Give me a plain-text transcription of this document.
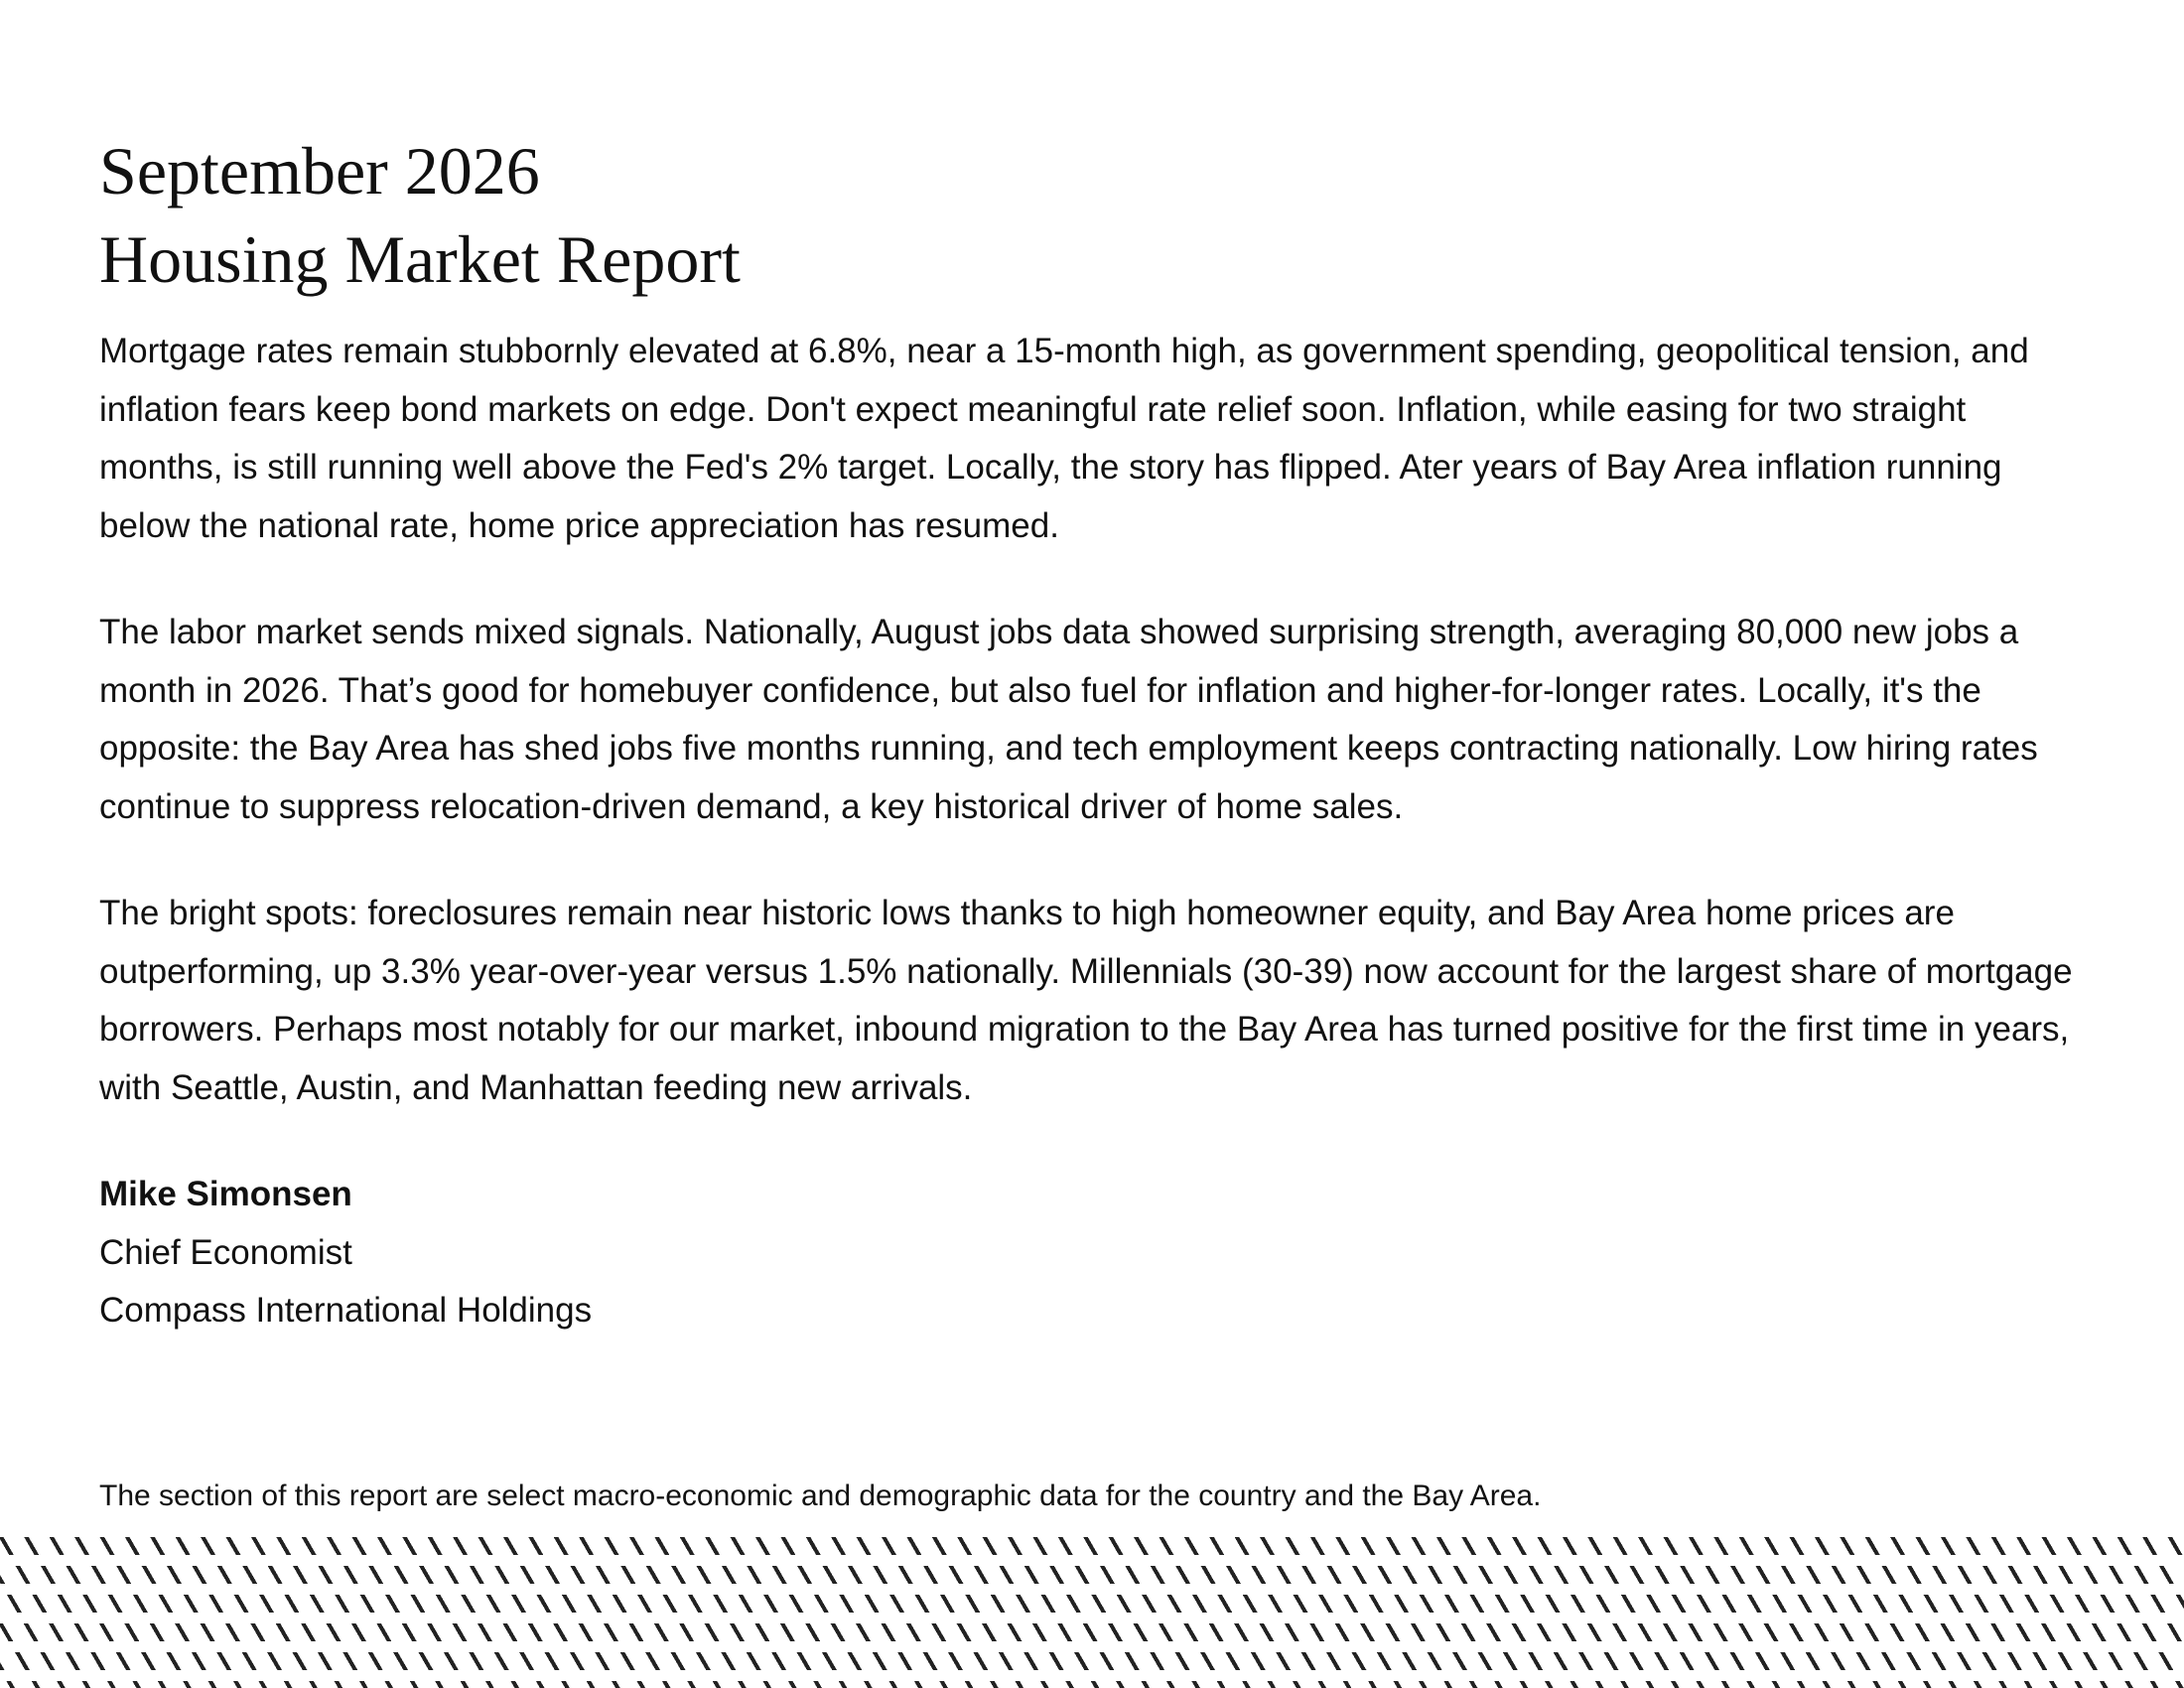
September 2026
Housing Market Report

Mortgage rates remain stubbornly elevated at 6.8%, near a 15-month high, as government spending, geopolitical tension, and inflation fears keep bond markets on edge. Don't expect meaningful rate relief soon. Inflation, while easing for two straight months, is still running well above the Fed's 2% target. Locally, the story has flipped. Ater years of Bay Area inflation running below the national rate, home price appreciation has resumed.

The labor market sends mixed signals. Nationally, August jobs data showed surprising strength, averaging 80,000 new jobs a month in 2026. That’s good for homebuyer confidence, but also fuel for inflation and higher-for-longer rates. Locally, it's the opposite: the Bay Area has shed jobs five months running, and tech employment keeps contracting nationally. Low hiring rates continue to suppress relocation-driven demand, a key historical driver of home sales.

The bright spots: foreclosures remain near historic lows thanks to high homeowner equity, and Bay Area home prices are outperforming, up 3.3% year-over-year versus 1.5% nationally. Millennials (30-39) now account for the largest share of mortgage borrowers. Perhaps most notably for our market, inbound migration to the Bay Area has turned positive for the first time in years, with Seattle, Austin, and Manhattan feeding new arrivals.

Mike Simonsen
Chief Economist
Compass International Holdings
The section of this report are select macro-economic and demographic data for the country and the Bay Area.
